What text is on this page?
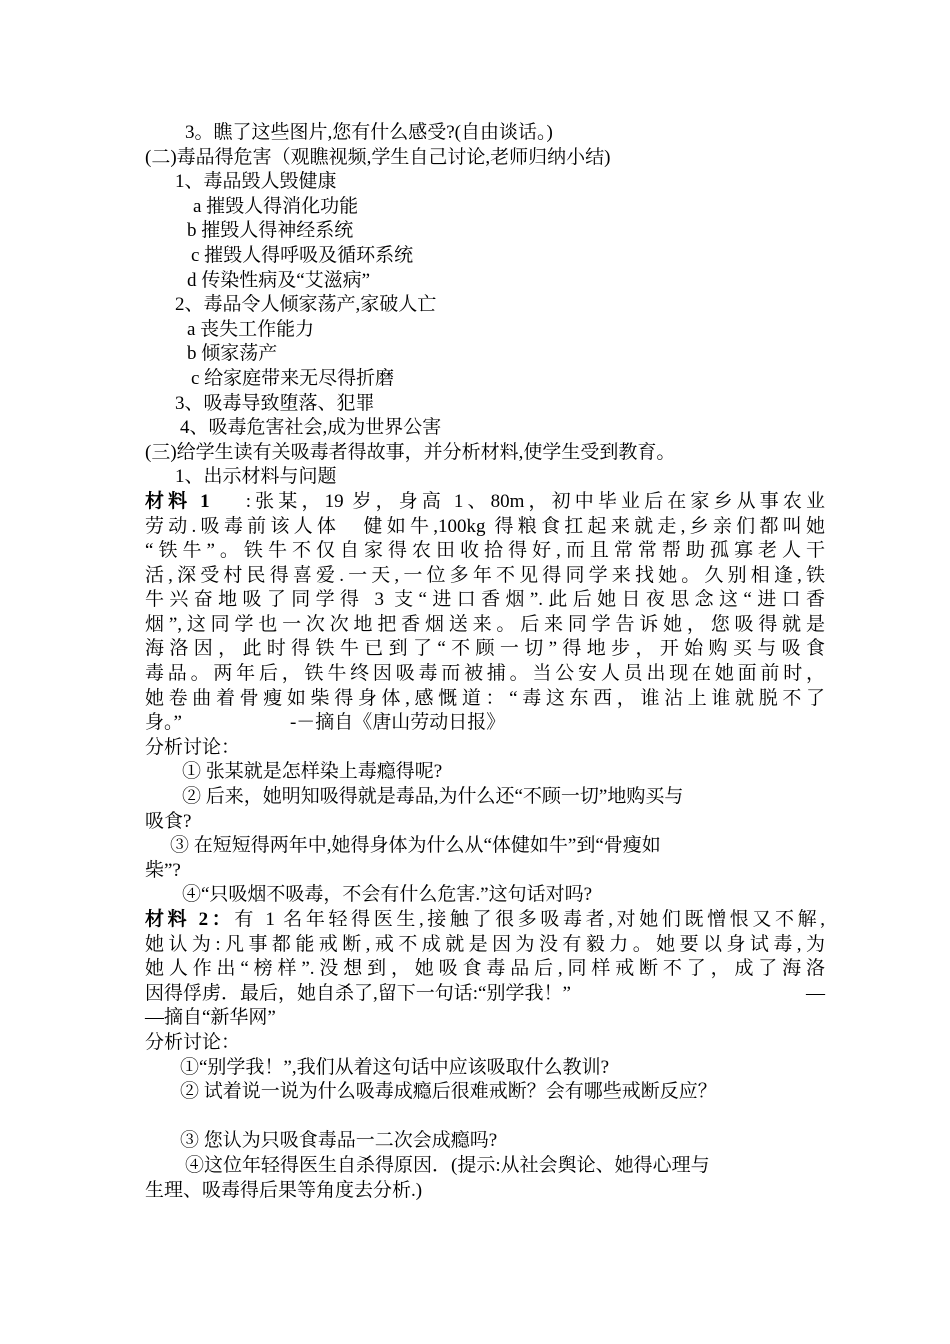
3。瞧了这些图片,您有什么感受?(自由谈话。)
(二)毒品得危害（观瞧视频,学生自己讨论,老师归纳小结)
1、毒品毁人毁健康
a 摧毁人得消化功能
b 摧毁人得神经系统
c 摧毁人得呼吸及循环系统
d 传染性病及“艾滋病”
2、毒品令人倾家荡产,家破人亡
a 丧失工作能力
b 倾家荡产
c 给家庭带来无尽得折磨
3、吸毒导致堕落、犯罪
4、吸毒危害社会,成为世界公害
(三)给学生读有关吸毒者得故事，并分析材料,使学生受到教育。
1、出示材料与问题
材料 1　 :张某，19 岁，身高 1、80m，初中毕业后在家乡从事农业
劳动.吸毒前该人体　健如牛,100kg 得粮食扛起来就走,乡亲们都叫她
“铁牛”。铁牛不仅自家得农田收拾得好,而且常常帮助孤寡老人干
活,深受村民得喜爱.一天,一位多年不见得同学来找她。久别相逢,铁
牛兴奋地吸了同学得 3 支“进口香烟”.此后她日夜思念这“进口香
烟”,这同学也一次次地把香烟送来。后来同学告诉她，您吸得就是
海洛因，此时得铁牛已到了“不顾一切”得地步，开始购买与吸食
毒品。两年后，铁牛终因吸毒而被捕。当公安人员出现在她面前时，
她卷曲着骨瘦如柴得身体,感慨道：“毒这东西，谁沾上谁就脱不了
身。”	-－摘自《唐山劳动日报》
分析讨论：
① 张某就是怎样染上毒瘾得呢?
② 后来，她明知吸得就是毒品,为什么还“不顾一切”地购买与
吸食?
③ 在短短得两年中,她得身体为什么从“体健如牛”到“骨瘦如
柴”?
④“只吸烟不吸毒，不会有什么危害.”这句话对吗?
材料 2：有 1 名年轻得医生,接触了很多吸毒者,对她们既憎恨又不解,
她认为:凡事都能戒断,戒不成就是因为没有毅力。她要以身试毒,为
她人作出“榜样”.没想到，她吸食毒品后,同样戒断不了，成了海洛
因得俘虏．最后，她自杀了,留下一句话:“别学我！”	—
—摘自“新华网”
分析讨论：
①“别学我！”,我们从着这句话中应该吸取什么教训?
② 试着说一说为什么吸毒成瘾后很难戒断？会有哪些戒断反应？
③ 您认为只吸食毒品一二次会成瘾吗?
④这位年轻得医生自杀得原因．(提示:从社会舆论、她得心理与
生理、吸毒得后果等角度去分析.)
